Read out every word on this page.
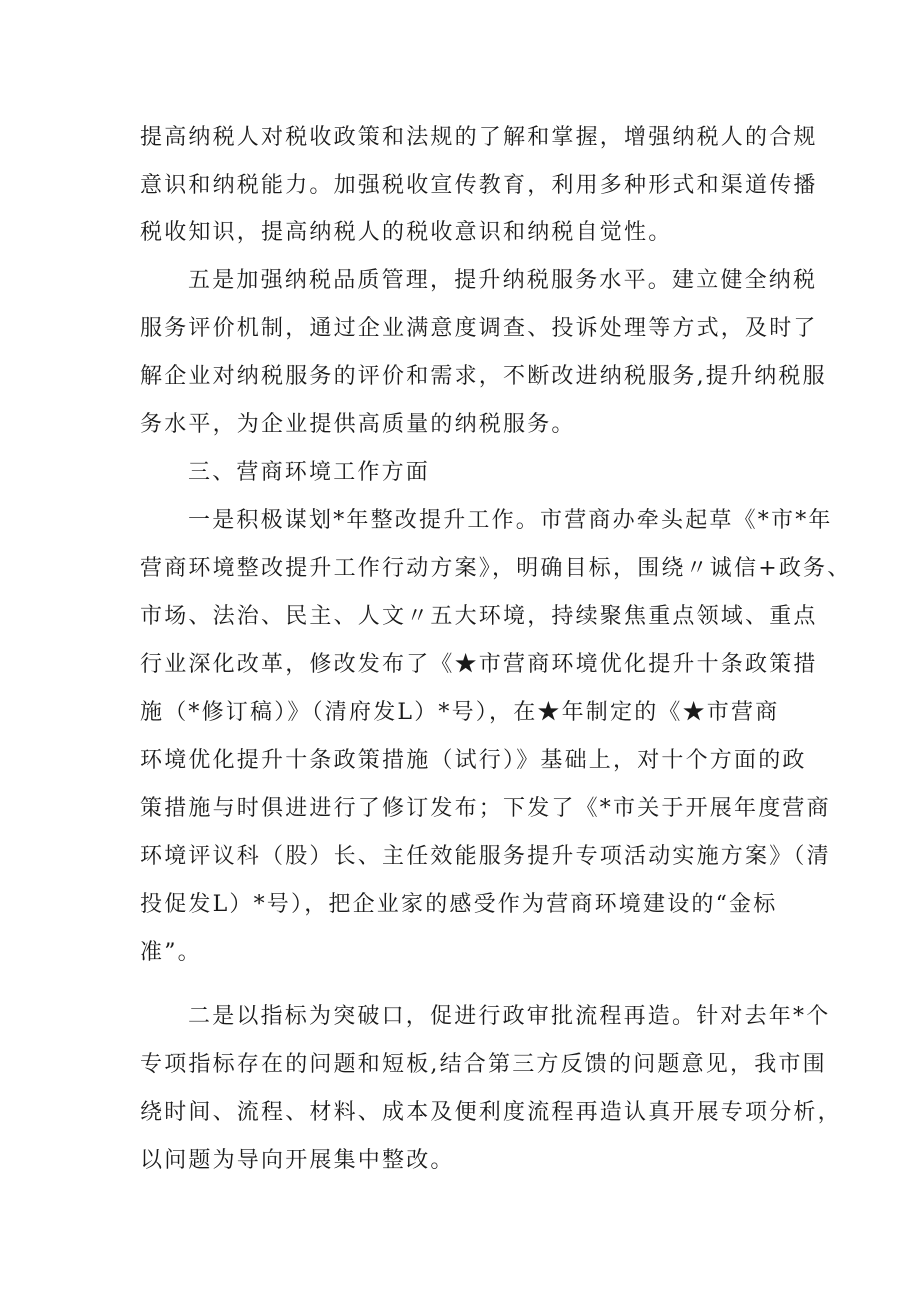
提高纳税人对税收政策和法规的了解和掌握，增强纳税人的合规
意识和纳税能力。加强税收宣传教育，利用多种形式和渠道传播
税收知识，提高纳税人的税收意识和纳税自觉性。
五是加强纳税品质管理，提升纳税服务水平。建立健全纳税
服务评价机制，通过企业满意度调查、投诉处理等方式，及时了
解企业对纳税服务的评价和需求，不断改进纳税服务,提升纳税服
务水平，为企业提供高质量的纳税服务。
三、营商环境工作方面
一是积极谋划*年整改提升工作。市营商办牵头起草《*市*年
营商环境整改提升工作行动方案》，明确目标，围绕〃诚信+政务、
市场、法治、民主、人文〃五大环境，持续聚焦重点领域、重点
行业深化改革，修改发布了《★市营商环境优化提升十条政策措
施（*修订稿）》（清府发L）*号），在★年制定的《★市营商
环境优化提升十条政策措施（试行）》基础上，对十个方面的政
策措施与时俱进进行了修订发布；下发了《*市关于开展年度营商
环境评议科（股）长、主任效能服务提升专项活动实施方案》（清
投促发L）*号），把企业家的感受作为营商环境建设的“金标
准”。
二是以指标为突破口，促进行政审批流程再造。针对去年*个
专项指标存在的问题和短板,结合第三方反馈的问题意见，我市围
绕时间、流程、材料、成本及便利度流程再造认真开展专项分析，
以问题为导向开展集中整改。
